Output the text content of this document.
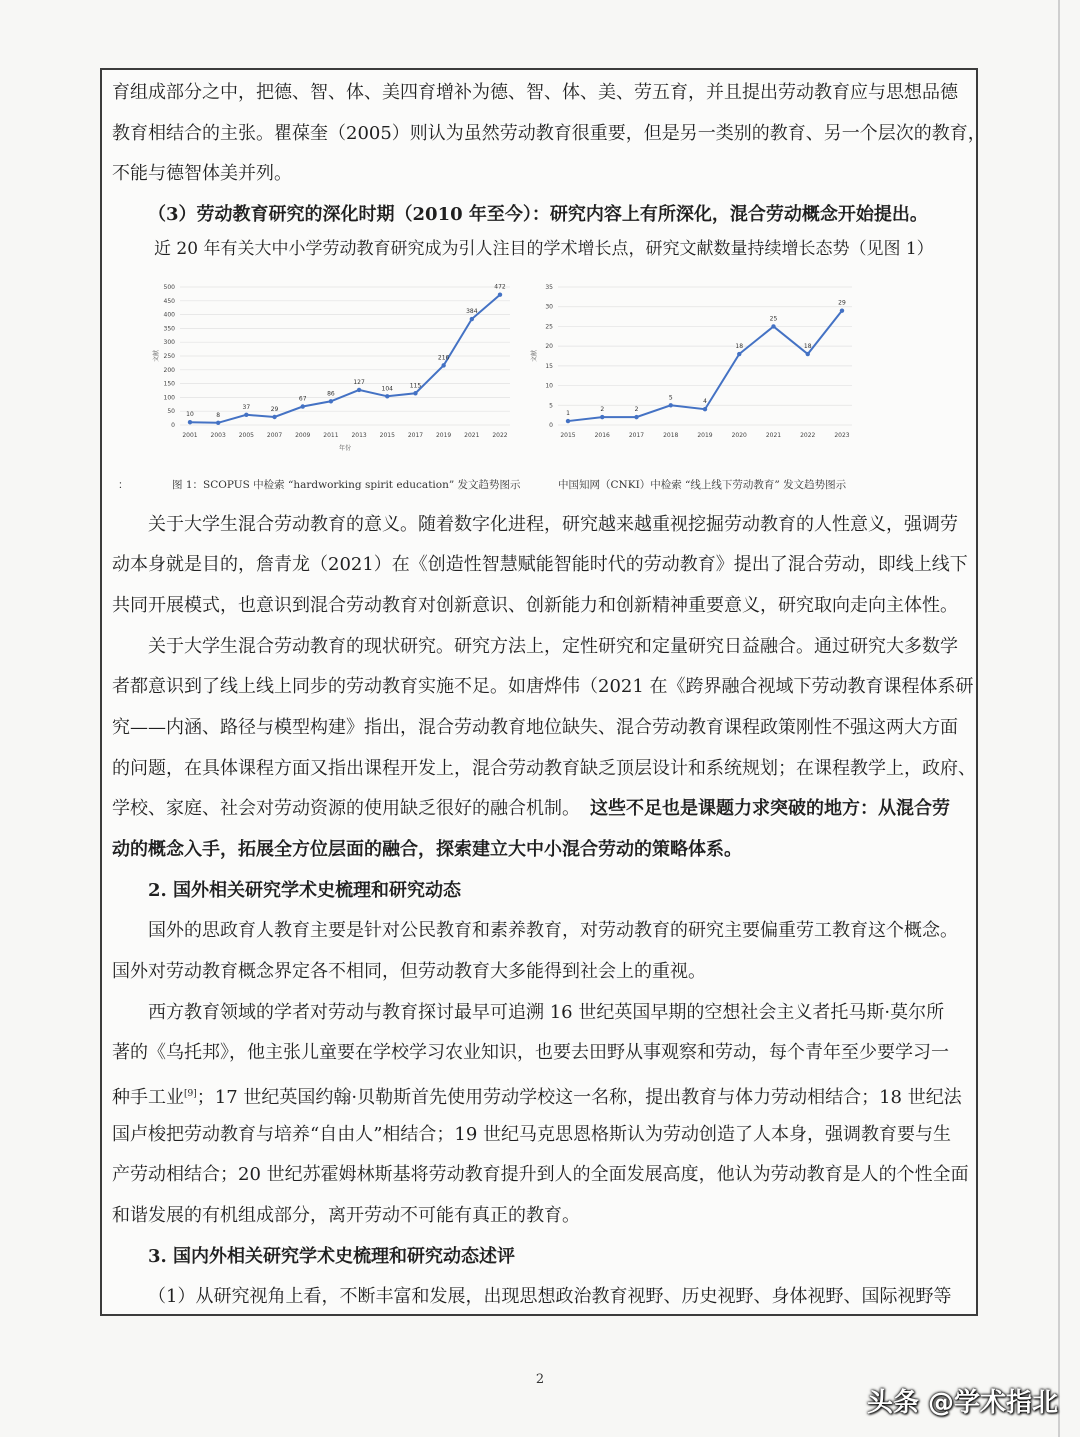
育组成部分之中，把德、智、体、美四育增补为德、智、体、美、劳五育，并且提出劳动教育应与思想品德
教育相结合的主张。瞿葆奎（2005）则认为虽然劳动教育很重要，但是另一类别的教育、另一个层次的教育，
不能与德智体美并列。
（3）劳动教育研究的深化时期（2010 年至今）：研究内容上有所深化，混合劳动概念开始提出。
近 20 年有关大中小学劳动教育研究成为引人注目的学术增长点，研究文献数量持续增长态势（见图 1）
0
50
100
150
200
250
300
350
400
450
500
2001 2003 2005 2007 2009 2011 2013 2015 2017 2019 2021 2022
文献
年份
10	8
37	29
67
86
127
104	115
216
384
472
0
5
10
15
20
25
30
35
2015	2016	2017	2018	2019	2020	2021	2022	2023
文献
1
2	2
5
4
18
25
18
29
：	图 1：SCOPUS 中检索 “hardworking spirit education” 发文趋势图示	中国知网（CNKI）中检索 “线上线下劳动教育” 发文趋势图示
关于大学生混合劳动教育的意义。随着数字化进程，研究越来越重视挖掘劳动教育的人性意义，强调劳
动本身就是目的，詹青龙（2021）在《创造性智慧赋能智能时代的劳动教育》提出了混合劳动，即线上线下
共同开展模式，也意识到混合劳动教育对创新意识、创新能力和创新精神重要意义，研究取向走向主体性。
关于大学生混合劳动教育的现状研究。研究方法上，定性研究和定量研究日益融合。通过研究大多数学
者都意识到了线上线上同步的劳动教育实施不足。如唐烨伟（2021 在《跨界融合视域下劳动教育课程体系研
究——内涵、路径与模型构建》指出，混合劳动教育地位缺失、混合劳动教育课程政策刚性不强这两大方面
的问题，在具体课程方面又指出课程开发上，混合劳动教育缺乏顶层设计和系统规划；在课程教学上，政府、
学校、家庭、社会对劳动资源的使用缺乏很好的融合机制。 这些不足也是课题力求突破的地方：从混合劳
动的概念入手，拓展全方位层面的融合，探索建立大中小混合劳动的策略体系。
2. 国外相关研究学术史梳理和研究动态
国外的思政育人教育主要是针对公民教育和素养教育，对劳动教育的研究主要偏重劳工教育这个概念。
国外对劳动教育概念界定各不相同，但劳动教育大多能得到社会上的重视。
西方教育领域的学者对劳动与教育探讨最早可追溯 16 世纪英国早期的空想社会主义者托马斯·莫尔所
著的《乌托邦》，他主张儿童要在学校学习农业知识，也要去田野从事观察和劳动，每个青年至少要学习一
种手工业[9]；17 世纪英国约翰·贝勒斯首先使用劳动学校这一名称，提出教育与体力劳动相结合；18 世纪法
国卢梭把劳动教育与培养“自由人”相结合；19 世纪马克思恩格斯认为劳动创造了人本身，强调教育要与生
产劳动相结合；20 世纪苏霍姆林斯基将劳动教育提升到人的全面发展高度，他认为劳动教育是人的个性全面
和谐发展的有机组成部分，离开劳动不可能有真正的教育。
3. 国内外相关研究学术史梳理和研究动态述评
（1）从研究视角上看，不断丰富和发展，出现思想政治教育视野、历史视野、身体视野、国际视野等
2
头条 @学术指北
